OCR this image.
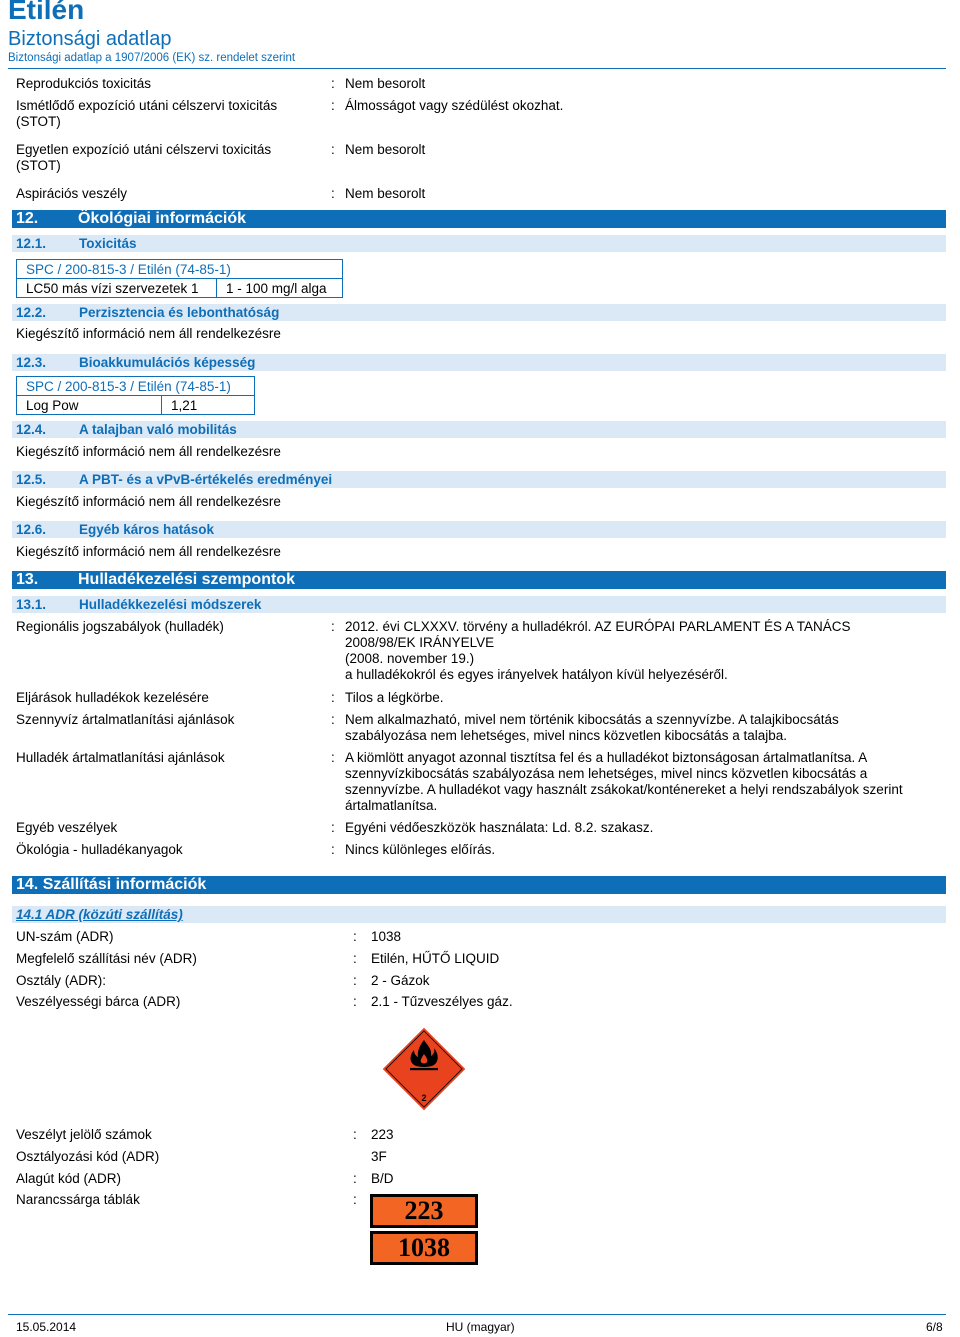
Etilén
Biztonsági adatlap
Biztonsági adatlap a 1907/2006 (EK) sz. rendelet szerint
Reprodukciós toxicitás	: Nem besorolt
Ismétlődő expozíció utáni célszervi toxicitás (STOT)
: Álmosságot vagy szédülést okozhat.
Egyetlen expozíció utáni célszervi toxicitás (STOT)
: Nem besorolt
Aspirációs veszély	: Nem besorolt
12. Ökológiai információk
12.1. Toxicitás
SPC / 200-815-3 / Etilén (74-85-1)
LC50 más vízi szervezetek 1	1 - 100 mg/l alga
12.2. Perzisztencia és lebonthatóság
Kiegészítő információ nem áll rendelkezésre
12.3. Bioakkumulációs képesség
SPC / 200-815-3 / Etilén (74-85-1)
Log Pow	1,21
12.4. A talajban való mobilitás
Kiegészítő információ nem áll rendelkezésre
12.5. A PBT- és a vPvB-értékelés eredményei
Kiegészítő információ nem áll rendelkezésre
12.6. Egyéb káros hatások
Kiegészítő információ nem áll rendelkezésre
13. Hulladékezelési szempontok
13.1. Hulladékkezelési módszerek
Regionális jogszabályok (hulladék)	: 2012. évi CLXXXV. törvény a hulladékról. AZ EURÓPAI PARLAMENT ÉS A TANÁCS
2008/98/EK IRÁNYELVE
(2008. november 19.)
a hulladékokról és egyes irányelvek hatályon kívül helyezéséről.
Eljárások hulladékok kezelésére	: Tilos a légkörbe.
Szennyvíz ártalmatlanítási ajánlások	: Nem alkalmazható, mivel nem történik kibocsátás a szennyvízbe. A talajkibocsátás
szabályozása nem lehetséges, mivel nincs közvetlen kibocsátás a talajba.
Hulladék ártalmatlanítási ajánlások	: A kiömlött anyagot azonnal tisztítsa fel és a hulladékot biztonságosan ártalmatlanítsa. A
szennyvízkibocsátás szabályozása nem lehetséges, mivel nincs közvetlen kibocsátás a
szennyvízbe. A hulladékot vagy használt zsákokat/konténereket a helyi rendszabályok szerint
ártalmatlanítsa.
Egyéb veszélyek	: Egyéni védőeszközök használata: Ld. 8.2. szakasz.
Ökológia - hulladékanyagok	: Nincs különleges előírás.
14. Szállítási információk
14.1 ADR (közúti szállítás)
UN-szám (ADR)	:	1038
Megfelelő szállítási név (ADR)	:	Etilén, HŰTŐ LIQUID
Osztály (ADR):	:	2 - Gázok
Veszélyességi bárca (ADR)	:	2.1 - Tűzveszélyes gáz.
2
Veszélyt jelölő számok	:	223
Osztályozási kód (ADR)	3F
Alagút kód (ADR)	:	B/D
Narancssárga táblák	:	223
1038
15.05.2014	HU (magyar)	6/8
